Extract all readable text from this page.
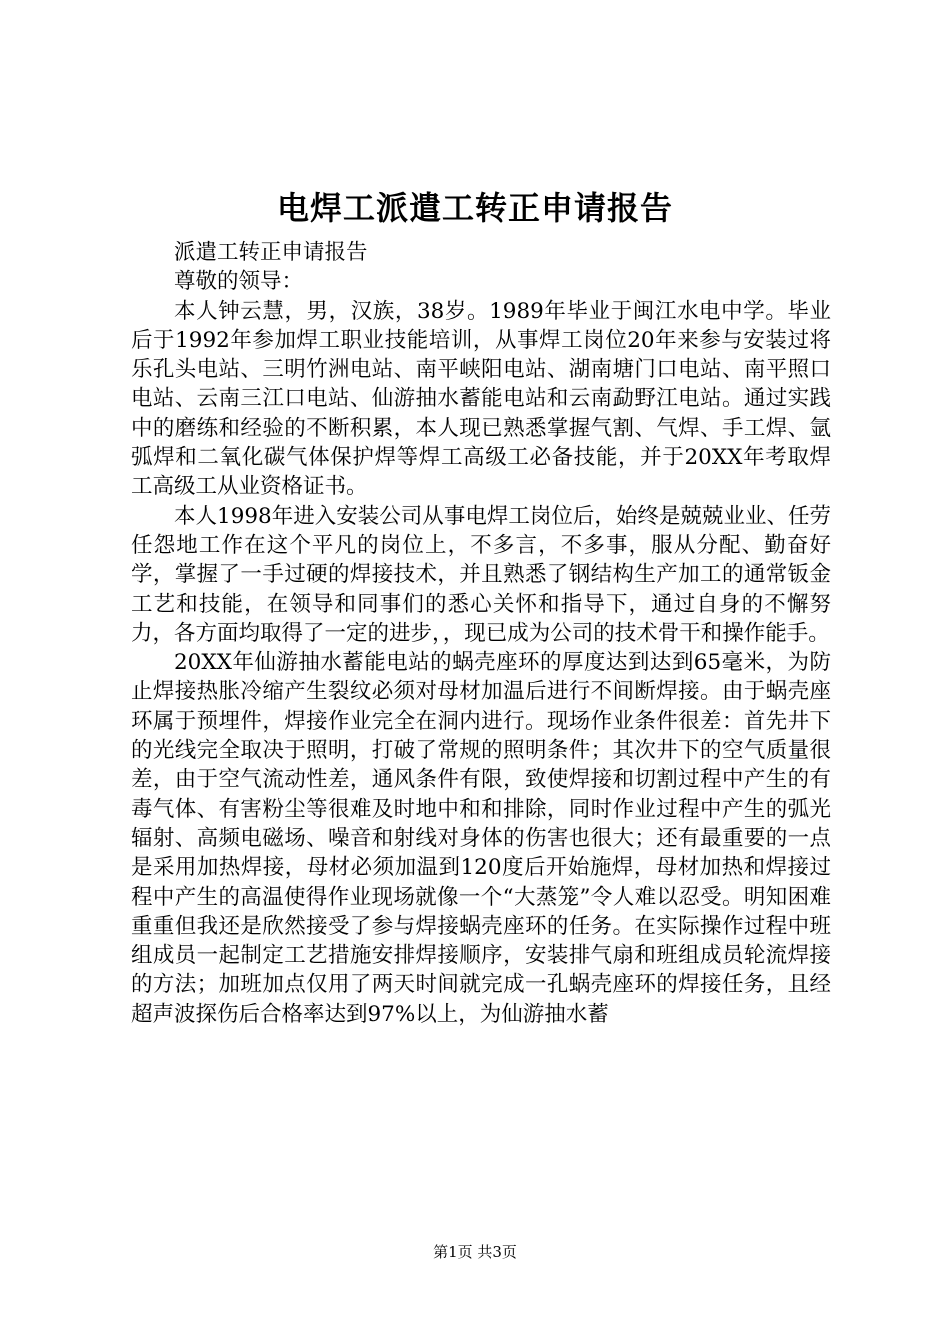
电焊工派遣工转正申请报告

派遣工转正申请报告

尊敬的领导：

本人钟云慧，男，汉族，38岁。1989年毕业于闽江水电中学。毕业后于1992年参加焊工职业技能培训，从事焊工岗位20年来参与安装过将乐孔头电站、三明竹洲电站、南平峡阳电站、湖南塘门口电站、南平照口电站、云南三江口电站、仙游抽水蓄能电站和云南勐野江电站。通过实践中的磨练和经验的不断积累，本人现已熟悉掌握气割、气焊、手工焊、氩弧焊和二氧化碳气体保护焊等焊工高级工必备技能，并于20XX年考取焊工高级工从业资格证书。

本人1998年进入安装公司从事电焊工岗位后，始终是兢兢业业、任劳任怨地工作在这个平凡的岗位上，不多言，不多事，服从分配、勤奋好学，掌握了一手过硬的焊接技术，并且熟悉了钢结构生产加工的通常钣金工艺和技能，在领导和同事们的悉心关怀和指导下，通过自身的不懈努力，各方面均取得了一定的进步，，现已成为公司的技术骨干和操作能手。

20XX年仙游抽水蓄能电站的蜗壳座环的厚度达到达到65毫米，为防止焊接热胀冷缩产生裂纹必须对母材加温后进行不间断焊接。由于蜗壳座环属于预埋件，焊接作业完全在洞内进行。现场作业条件很差：首先井下的光线完全取决于照明，打破了常规的照明条件；其次井下的空气质量很差，由于空气流动性差，通风条件有限，致使焊接和切割过程中产生的有毒气体、有害粉尘等很难及时地中和和排除，同时作业过程中产生的弧光辐射、高频电磁场、噪音和射线对身体的伤害也很大；还有最重要的一点是采用加热焊接，母材必须加温到120度后开始施焊，母材加热和焊接过程中产生的高温使得作业现场就像一个“大蒸笼”令人难以忍受。明知困难重重但我还是欣然接受了参与焊接蜗壳座环的任务。在实际操作过程中班组成员一起制定工艺措施安排焊接顺序，安装排气扇和班组成员轮流焊接的方法；加班加点仅用了两天时间就完成一孔蜗壳座环的焊接任务，且经超声波探伤后合格率达到97%以上，为仙游抽水蓄

第1页 共3页
